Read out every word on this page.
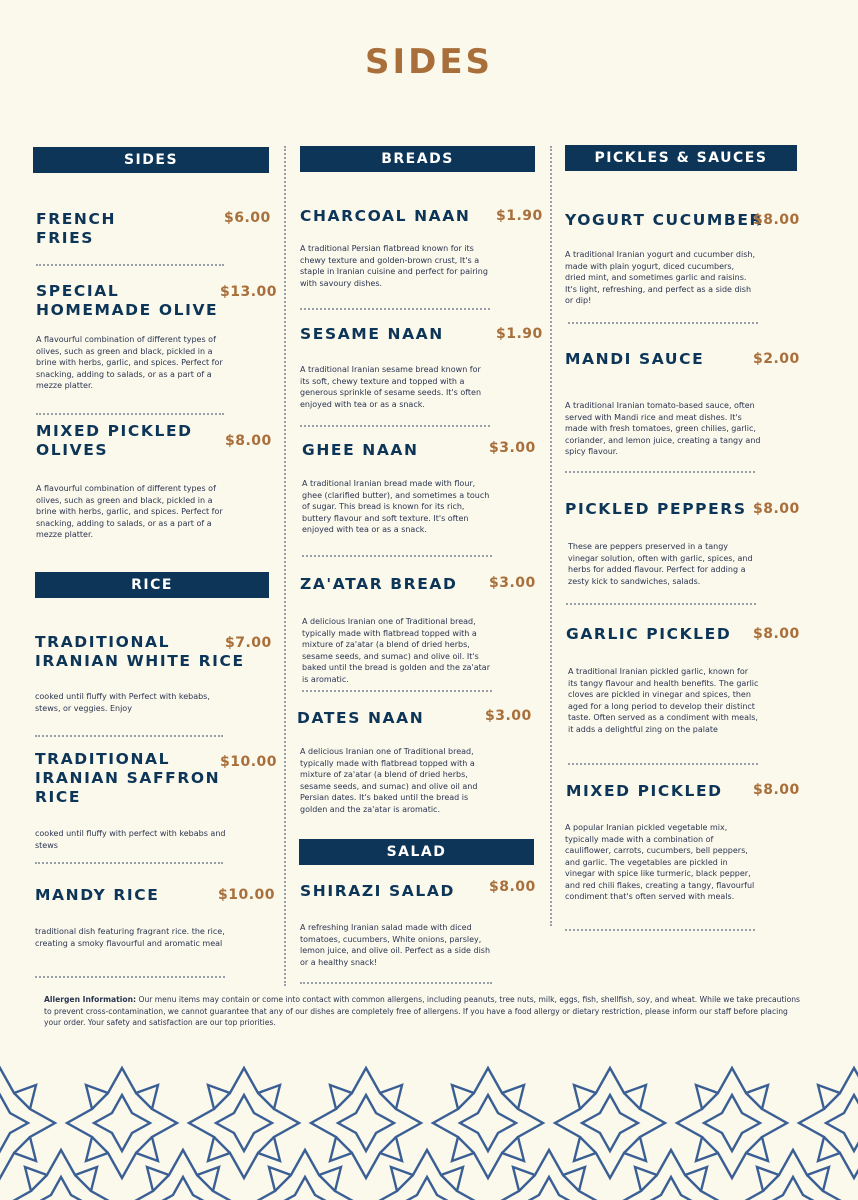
SIDES
SIDES	BREADS	PICKLES & SAUCES
RICE
SALAD
FRENCH
FRIES
$6.00
SPECIAL
HOMEMADE OLIVE
$13.00
A flavourful combination of different types of olives, such as green and black, pickled in a brine with herbs, garlic, and spices. Perfect for snacking, adding to salads, or as a part of a mezze platter.
MIXED PICKLED
OLIVES	$8.00
A flavourful combination of different types of olives, such as green and black, pickled in a brine with herbs, garlic, and spices. Perfect for snacking, adding to salads, or as a part of a mezze platter.
TRADITIONAL
IRANIAN WHITE RICE
$7.00
cooked until fluffy with Perfect with kebabs, stews, or veggies. Enjoy
TRADITIONAL
IRANIAN SAFFRON
RICE
$10.00
cooked until fluffy with perfect with kebabs and stews
MANDY RICE	$10.00
traditional dish featuring fragrant rice. the rice, creating a smoky flavourful and aromatic meal
CHARCOAL NAAN $1.90
A traditional Persian flatbread known for its chewy texture and golden-brown crust, It's a staple in Iranian cuisine and perfect for pairing with savoury dishes.
SESAME NAAN	$1.90
A traditional Iranian sesame bread known for its soft, chewy texture and topped with a generous sprinkle of sesame seeds. It's often enjoyed with tea or as a snack.
GHEE NAAN	$3.00
A traditional Iranian bread made with flour, ghee (clarified butter), and sometimes a touch of sugar. This bread is known for its rich, buttery flavour and soft texture. It's often enjoyed with tea or as a snack.
ZA'ATAR BREAD $3.00
A delicious Iranian one of Traditional bread, typically made with flatbread topped with a mixture of za'atar (a blend of dried herbs, sesame seeds, and sumac) and olive oil. It's baked until the bread is golden and the za'atar is aromatic.
DATES NAAN	$3.00
A delicious Iranian one of Traditional bread, typically made with flatbread topped with a mixture of za'atar (a blend of dried herbs, sesame seeds, and sumac) and olive oil and Persian dates. It's baked until the bread is golden and the za'atar is aromatic.
SHIRAZI SALAD $8.00
A refreshing Iranian salad made with diced tomatoes, cucumbers, White onions, parsley, lemon juice, and olive oil. Perfect as a side dish or a healthy snack!
YOGURT CUCUMBER
$8.00
A traditional Iranian yogurt and cucumber dish, made with plain yogurt, diced cucumbers, dried mint, and sometimes garlic and raisins. It's light, refreshing, and perfect as a side dish or dip!
MANDI SAUCE	$2.00
A traditional Iranian tomato-based sauce, often served with Mandi rice and meat dishes. It's made with fresh tomatoes, green chilies, garlic, coriander, and lemon juice, creating a tangy and spicy flavour.
PICKLED PEPPERS $8.00
These are peppers preserved in a tangy vinegar solution, often with garlic, spices, and herbs for added flavour. Perfect for adding a zesty kick to sandwiches, salads.
GARLIC PICKLED $8.00
A traditional Iranian pickled garlic, known for its tangy flavour and health benefits. The garlic cloves are pickled in vinegar and spices, then aged for a long period to develop their distinct taste. Often served as a condiment with meals, it adds a delightful zing on the palate
MIXED PICKLED $8.00
A popular Iranian pickled vegetable mix, typically made with a combination of cauliflower, carrots, cucumbers, bell peppers, and garlic. The vegetables are pickled in vinegar with spice like turmeric, black pepper, and red chili flakes, creating a tangy, flavourful condiment that's often served with meals.
Allergen Information: Our menu items may contain or come into contact with common allergens, including peanuts, tree nuts, milk, eggs, fish, shellfish, soy, and wheat. While we take precautions to prevent cross-contamination, we cannot guarantee that any of our dishes are completely free of allergens. If you have a food allergy or dietary restriction, please inform our staff before placing your order. Your safety and satisfaction are our top priorities.
